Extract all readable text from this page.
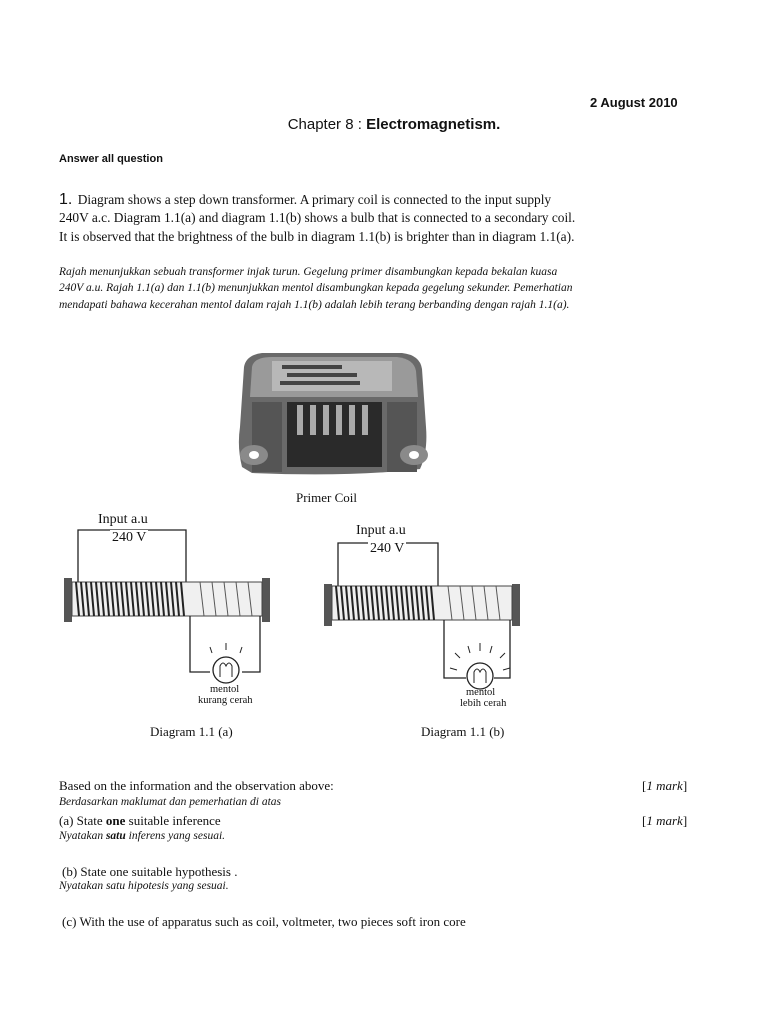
2 August 2010
Chapter 8 : Electromagnetism.
Answer all question
1. Diagram shows a step down transformer. A primary coil is connected to the input supply 240V a.c. Diagram 1.1(a) and diagram 1.1(b) shows a bulb that is connected to a secondary coil. It is observed that the brightness of the bulb in diagram 1.1(b) is brighter than in diagram 1.1(a).
Rajah menunjukkan sebuah transformer injak turun. Gegelung primer disambungkan kepada bekalan kuasa 240V a.u. Rajah 1.1(a) dan 1.1(b) menunjukkan mentol disambungkan kepada gegelung sekunder. Pemerhatian mendapati bahawa kecerahan mentol dalam rajah 1.1(b) adalah lebih terang berbanding dengan rajah 1.1(a).
Primer Coil
Input a.u
240 V
mentol
kurang cerah
Input a.u
240 V
mentol
lebih cerah
Diagram 1.1 (a)	Diagram 1.1 (b)
Based on the information and the observation above:	[1 mark]
Berdasarkan maklumat dan pemerhatian di atas
(a) State one suitable inference	[1 mark]
Nyatakan satu inferens yang sesuai.
(b) State one suitable hypothesis .
Nyatakan satu hipotesis yang sesuai.
(c) With the use of apparatus such as coil, voltmeter, two pieces soft iron core
